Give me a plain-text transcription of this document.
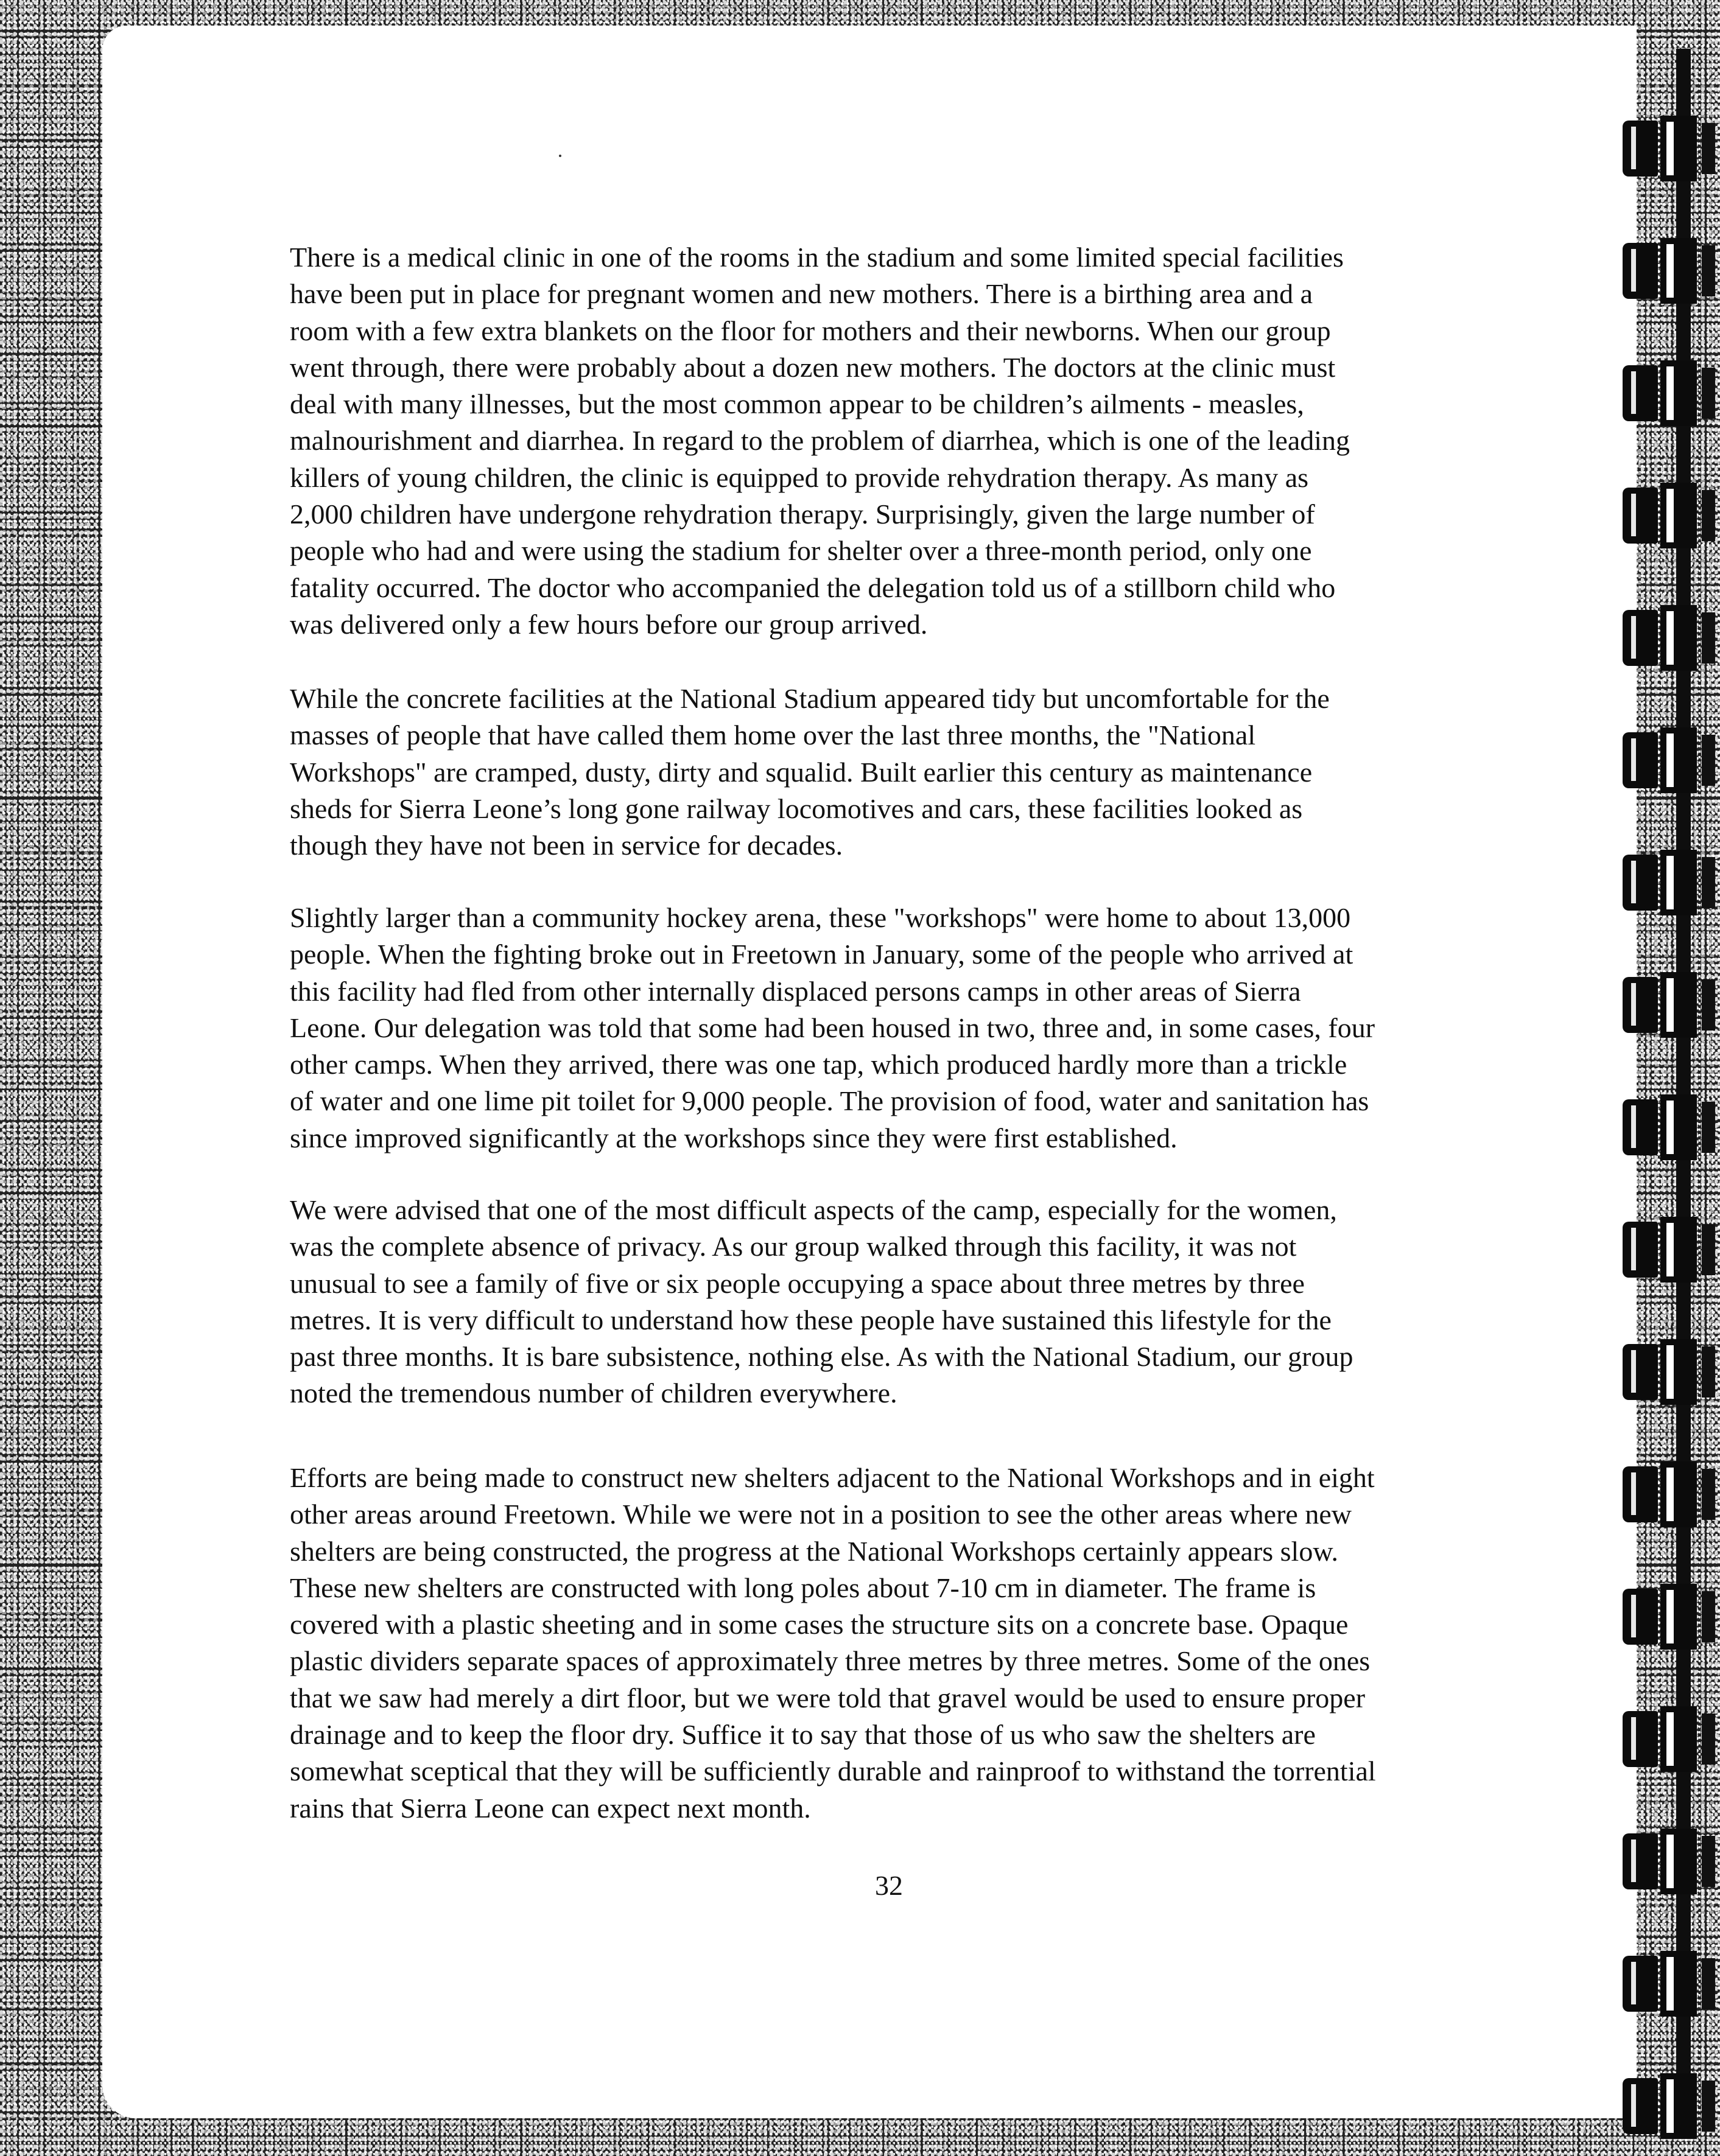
There is a medical clinic in one of the rooms in the stadium and some limited special facilities
have been put in place for pregnant women and new mothers. There is a birthing area and a
room with a few extra blankets on the floor for mothers and their newborns. When our group
went through, there were probably about a dozen new mothers. The doctors at the clinic must
deal with many illnesses, but the most common appear to be children’s ailments - measles,
malnourishment and diarrhea. In regard to the problem of diarrhea, which is one of the leading
killers of young children, the clinic is equipped to provide rehydration therapy. As many as
2,000 children have undergone rehydration therapy. Surprisingly, given the large number of
people who had and were using the stadium for shelter over a three-month period, only one
fatality occurred. The doctor who accompanied the delegation told us of a stillborn child who
was delivered only a few hours before our group arrived.
While the concrete facilities at the National Stadium appeared tidy but uncomfortable for the
masses of people that have called them home over the last three months, the "National
Workshops" are cramped, dusty, dirty and squalid. Built earlier this century as maintenance
sheds for Sierra Leone’s long gone railway locomotives and cars, these facilities looked as
though they have not been in service for decades.
Slightly larger than a community hockey arena, these "workshops" were home to about 13,000
people. When the fighting broke out in Freetown in January, some of the people who arrived at
this facility had fled from other internally displaced persons camps in other areas of Sierra
Leone. Our delegation was told that some had been housed in two, three and, in some cases, four
other camps. When they arrived, there was one tap, which produced hardly more than a trickle
of water and one lime pit toilet for 9,000 people. The provision of food, water and sanitation has
since improved significantly at the workshops since they were first established.
We were advised that one of the most difficult aspects of the camp, especially for the women,
was the complete absence of privacy. As our group walked through this facility, it was not
unusual to see a family of five or six people occupying a space about three metres by three
metres. It is very difficult to understand how these people have sustained this lifestyle for the
past three months. It is bare subsistence, nothing else. As with the National Stadium, our group
noted the tremendous number of children everywhere.
Efforts are being made to construct new shelters adjacent to the National Workshops and in eight
other areas around Freetown. While we were not in a position to see the other areas where new
shelters are being constructed, the progress at the National Workshops certainly appears slow.
These new shelters are constructed with long poles about 7-10 cm in diameter. The frame is
covered with a plastic sheeting and in some cases the structure sits on a concrete base. Opaque
plastic dividers separate spaces of approximately three metres by three metres. Some of the ones
that we saw had merely a dirt floor, but we were told that gravel would be used to ensure proper
drainage and to keep the floor dry. Suffice it to say that those of us who saw the shelters are
somewhat sceptical that they will be sufficiently durable and rainproof to withstand the torrential
rains that Sierra Leone can expect next month.
32
